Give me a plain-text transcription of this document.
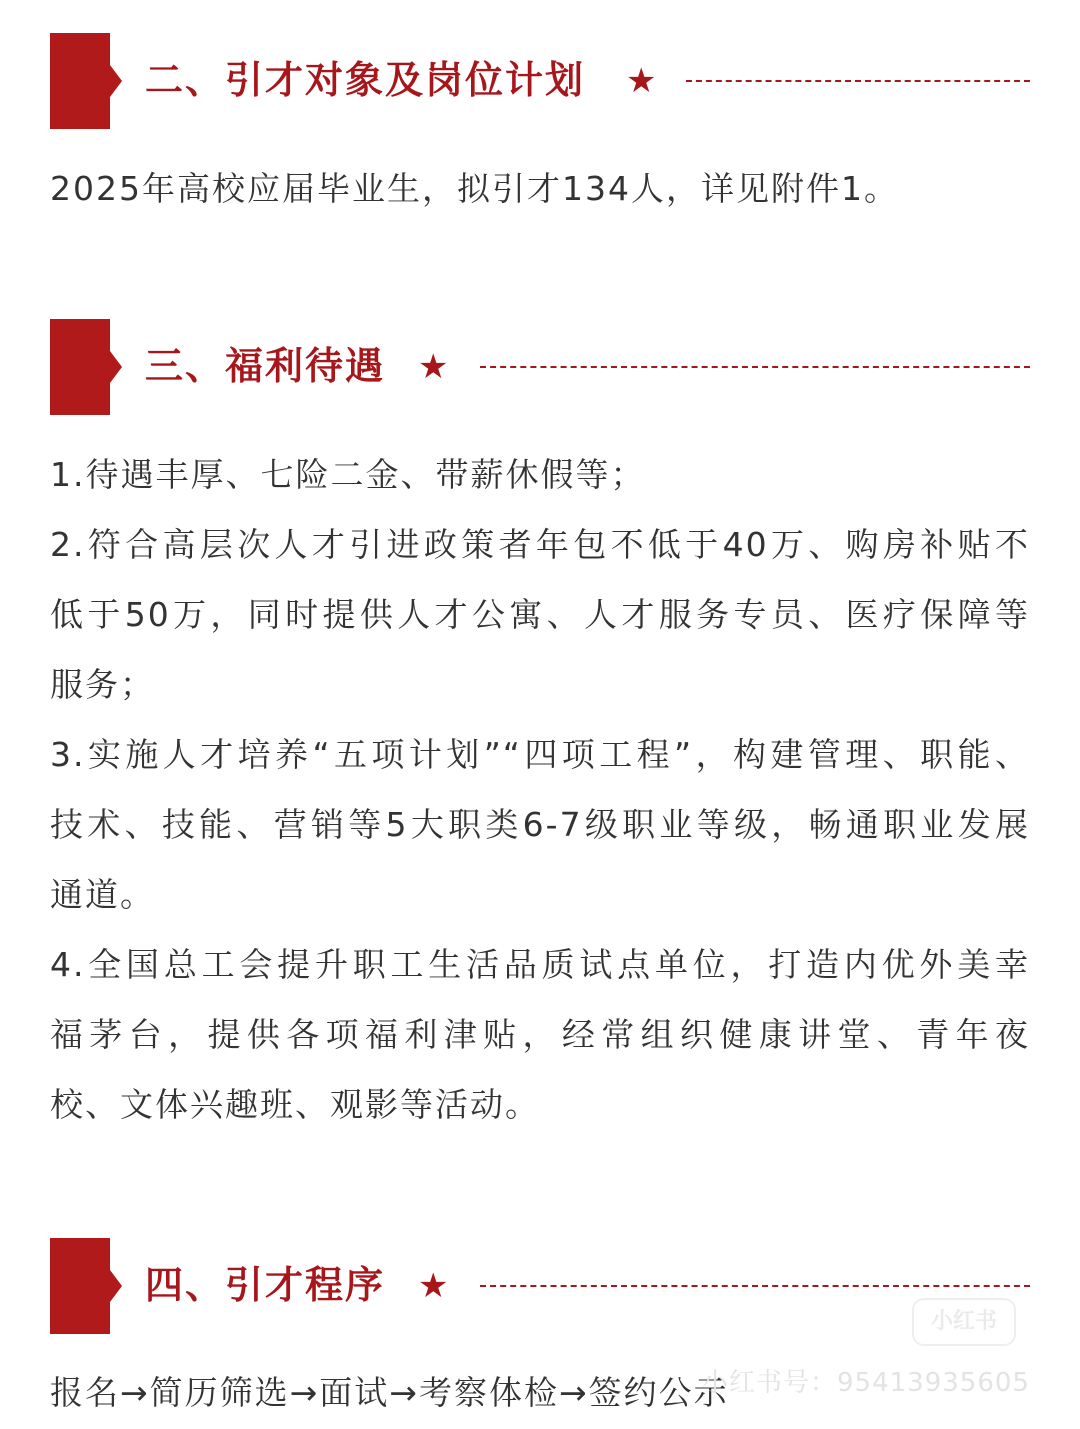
二、引才对象及岗位计划 ★
2025年高校应届毕业生，拟引才134人，详见附件1。
三、福利待遇 ★
1.待遇丰厚、七险二金、带薪休假等；
2.符合高层次人才引进政策者年包不低于40万、购房补贴不
低于50万，同时提供人才公寓、人才服务专员、医疗保障等
服务；
3.实施人才培养“五项计划”“四项工程”，构建管理、职能、
技术、技能、营销等5大职类6-7级职业等级，畅通职业发展
通道。
4.全国总工会提升职工生活品质试点单位，打造内优外美幸
福茅台，提供各项福利津贴，经常组织健康讲堂、青年夜
校、文体兴趣班、观影等活动。
四、引才程序 ★
报名→简历筛选→面试→考察体检→签约公示
小红书
小红书号：95413935605
